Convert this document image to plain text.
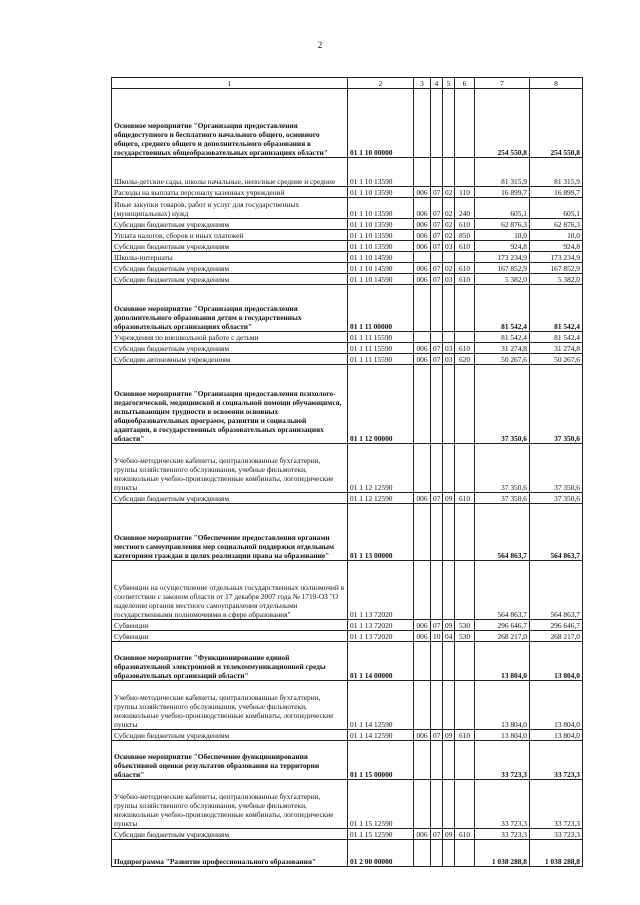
2
1	2	3	4	5	6	7	8
Основное мероприятие "Организация предоставления общедоступного и бесплатного начального общего, основного общего, среднего общего и дополнительного образования в государственных общеобразовательных организациях области"	01 1 10 00000					254 550,8	254 550,8
Школы-детские сады, школы начальные, неполные средние и средние	01 1 10 13590					81 315,9	81 315,9
Расходы на выплаты персоналу казенных учреждений	01 1 10 13590	006	07	02	110	16 899,7	16 899,7
Иные закупки товаров, работ и услуг для государственных (муниципальных) нужд	01 1 10 13590	006	07	02	240	605,1	605,1
Субсидии бюджетным учреждениям	01 1 10 13590	006	07	02	610	62 876,3	62 876,3
Уплата налогов, сборов и иных платежей	01 1 10 13590	006	07	02	850	10,0	10,0
Субсидии бюджетным учреждениям	01 1 10 13590	006	07	03	610	924,8	924,8
Школы-интернаты	01 1 10 14590					173 234,9	173 234,9
Субсидии бюджетным учреждениям	01 1 10 14590	006	07	02	610	167 852,9	167 852,9
Субсидии бюджетным учреждениям	01 1 10 14590	006	07	03	610	5 382,0	5 382,0
Основное мероприятие "Организация предоставления дополнительного образования детям в государственных образовательных организациях области"	01 1 11 00000					81 542,4	81 542,4
Учреждения по внешкольной работе с детьми	01 1 11 15590					81 542,4	81 542,4
Субсидии бюджетным учреждениям	01 1 11 15590	006	07	03	610	31 274,8	31 274,8
Субсидии автономным учреждениям	01 1 11 15590	006	07	03	620	50 267,6	50 267,6
Основное мероприятие "Организация предоставления психолого-педагогической, медицинской и социальной помощи обучающимся, испытывающим трудности в освоении основных общеобразовательных программ, развитии и социальной адаптации, в государственных образовательных организациях области"	01 1 12 00000					37 350,6	37 350,6
Учебно-методические кабинеты, централизованные бухгалтерии, группы хозяйственного обслуживания, учебные фильмотеки, межшкольные учебно-производственные комбинаты, логопедические пункты	01 1 12 12590					37 350,6	37 350,6
Субсидии бюджетным учреждениям	01 1 12 12590	006	07	09	610	37 350,6	37 350,6
Основное мероприятие "Обеспечение предоставления органами местного самоуправления мер социальной поддержки отдельным категориям граждан в целях реализации права на образование"	01 1 13 00000					564 863,7	564 863,7
Субвенции на осуществление отдельных государственных полномочий в соответствии с законом области от 17 декабря 2007 года № 1719-ОЗ "О наделении органов местного самоуправления отдельными государственными полномочиями в сфере образования"	01 1 13 72020					564 863,7	564 863,7
Субвенции	01 1 13 72020	006	07	09	530	296 646,7	296 646,7
Субвенции	01 1 13 72020	006	10	04	530	268 217,0	268 217,0
Основное мероприятие "Функционирование единой образовательной электронной и телекоммуникационной среды образовательных организаций области"	01 1 14 00000					13 804,0	13 804,0
Учебно-методические кабинеты, централизованные бухгалтерии, группы хозяйственного обслуживания, учебные фильмотеки, межшкольные учебно-производственные комбинаты, логопедические пункты	01 1 14 12590					13 804,0	13 804,0
Субсидии бюджетным учреждениям	01 1 14 12590	006	07	09	610	13 804,0	13 804,0
Основное мероприятие "Обеспечение функционирования объективной оценки результатов образования на территории области"	01 1 15 00000					33 723,3	33 723,3
Учебно-методические кабинеты, централизованные бухгалтерии, группы хозяйственного обслуживания, учебные фильмотеки, межшкольные учебно-производственные комбинаты, логопедические пункты	01 1 15 12590					33 723,3	33 723,3
Субсидии бюджетным учреждениям	01 1 15 12590	006	07	09	610	33 723,3	33 723,3
Подпрограмма "Развитие профессионального образования"	01 2 00 00000					1 038 288,8	1 038 288,8
